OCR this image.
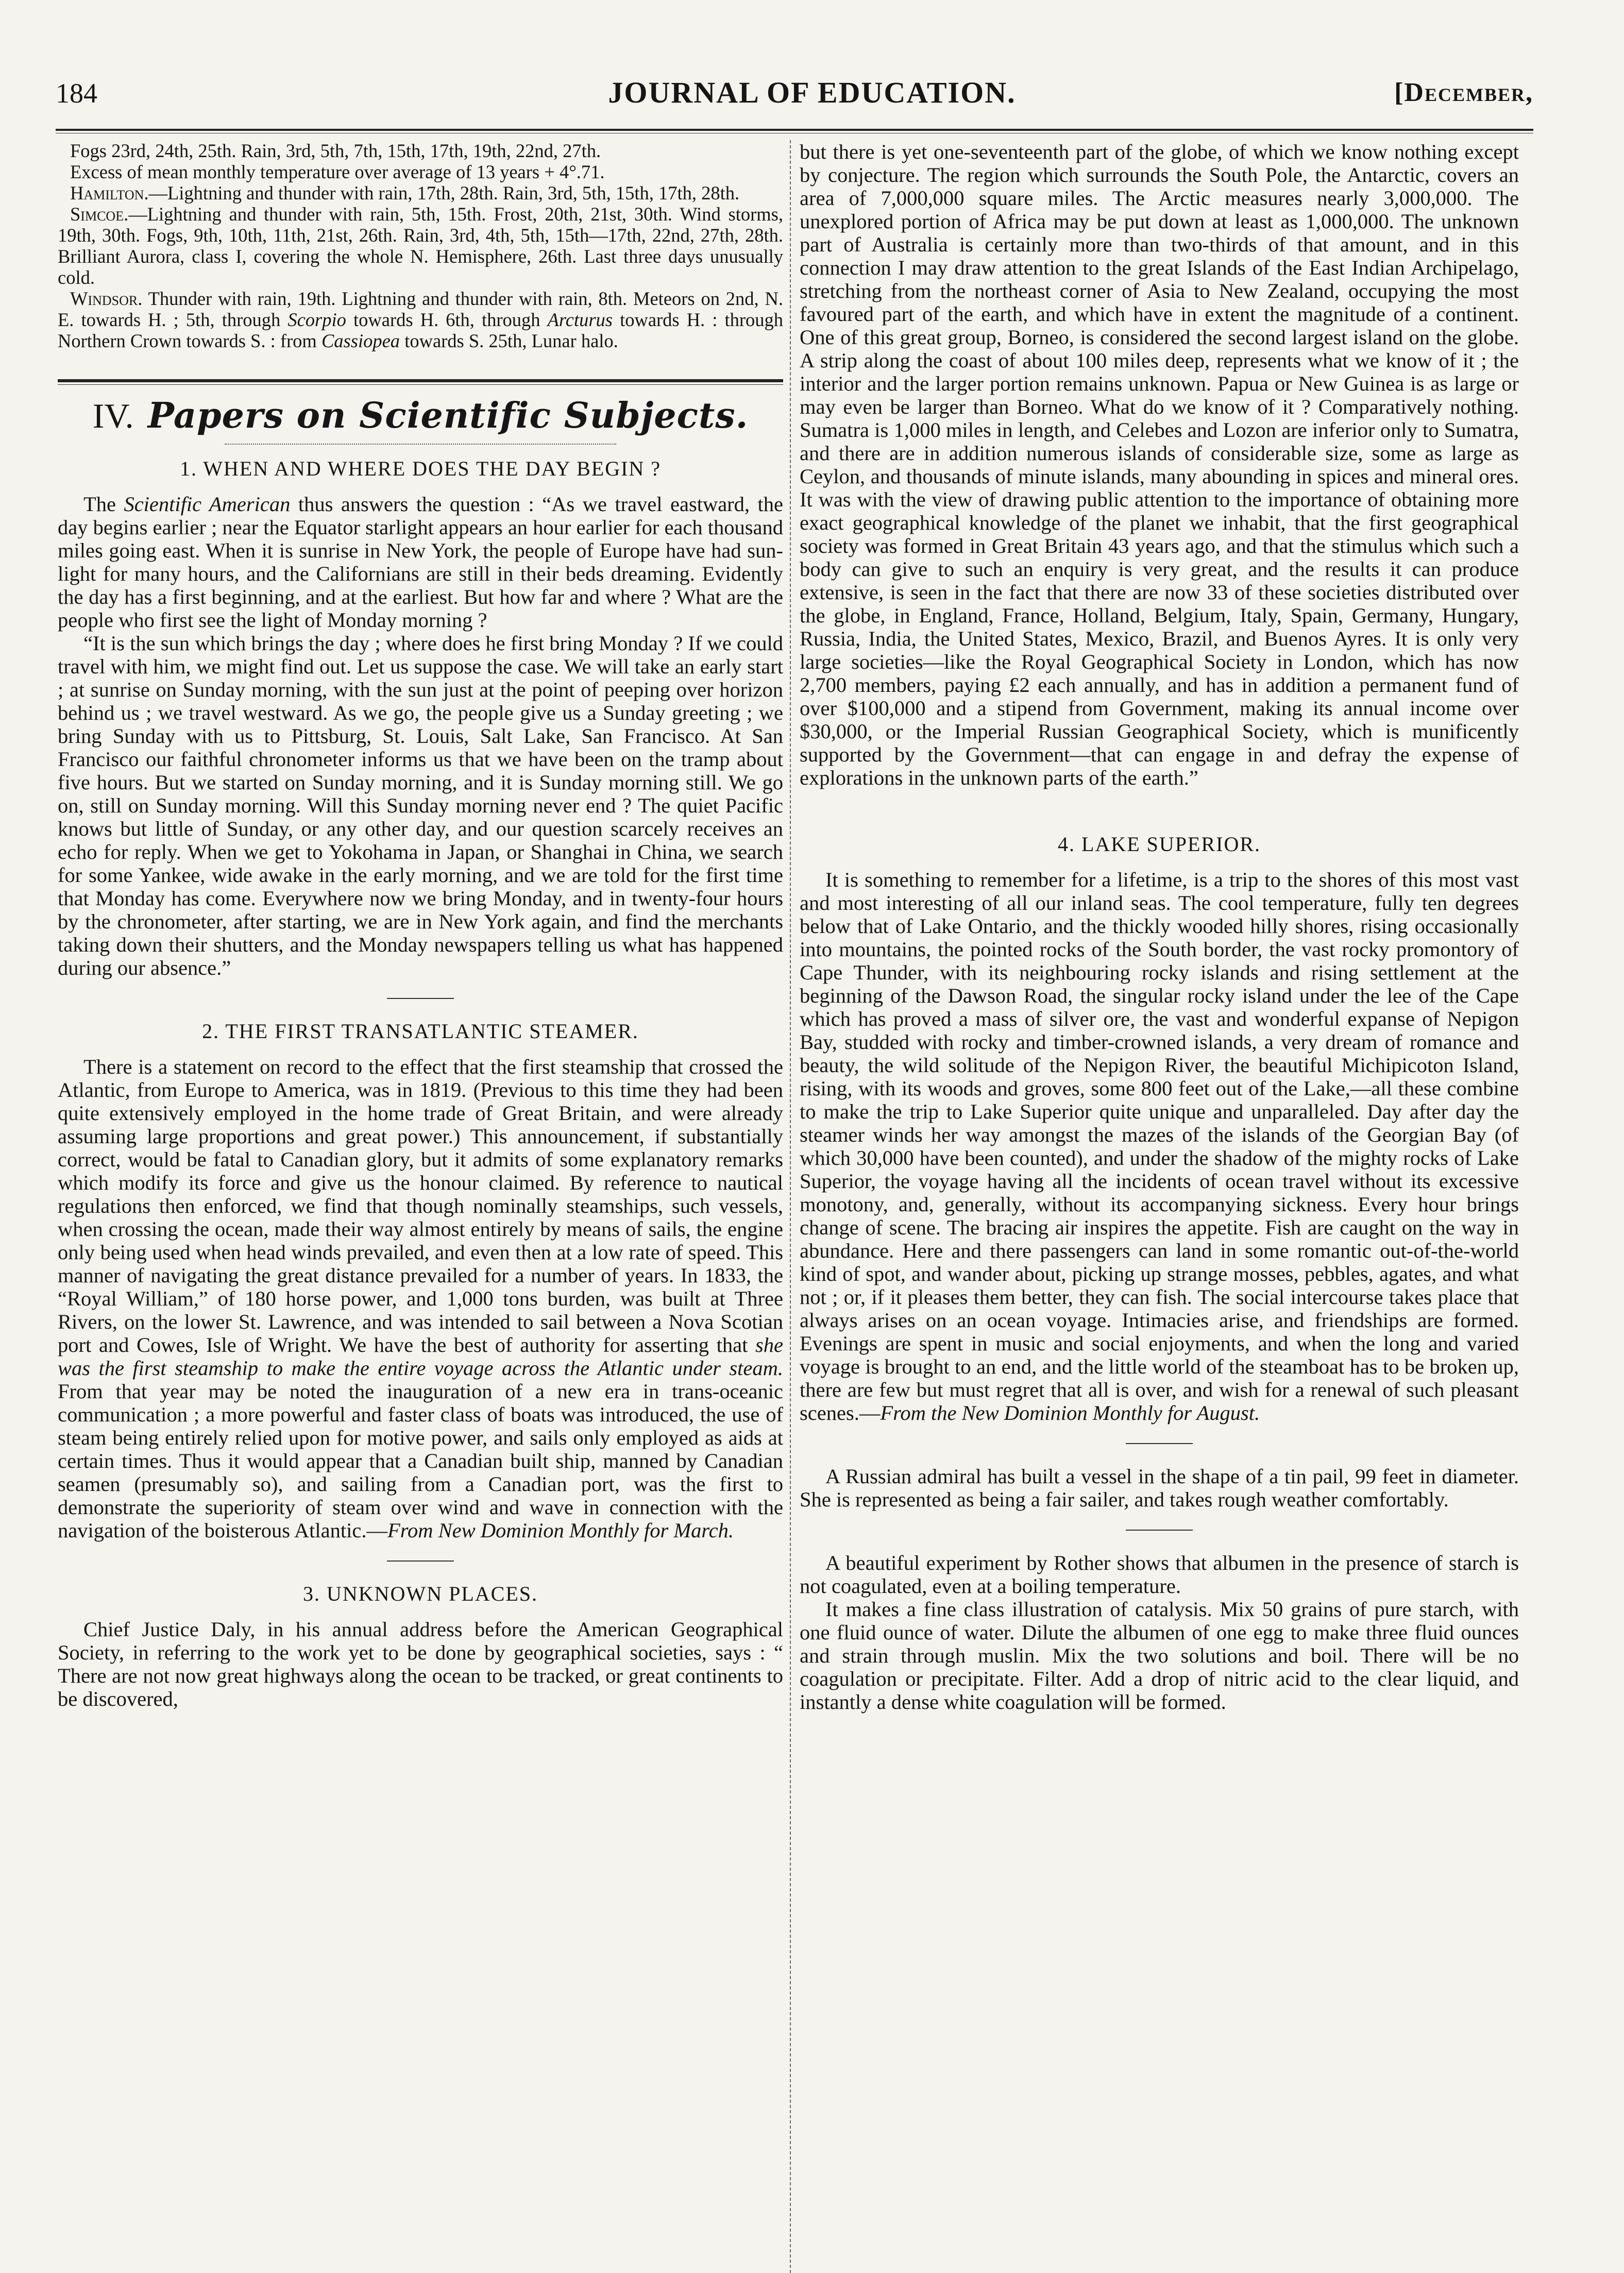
184	JOURNAL OF EDUCATION.	[December,

Fogs 23rd, 24th, 25th. Rain, 3rd, 5th, 7th, 15th, 17th, 19th, 22nd, 27th.

Excess of mean monthly temperature over average of 13 years + 4°.71.

Hamilton.—Lightning and thunder with rain, 17th, 28th. Rain, 3rd, 5th, 15th, 17th, 28th.

Simcoe.—Lightning and thunder with rain, 5th, 15th. Frost, 20th, 21st, 30th. Wind storms, 19th, 30th. Fogs, 9th, 10th, 11th, 21st, 26th. Rain, 3rd, 4th, 5th, 15th—17th, 22nd, 27th, 28th. Brilliant Aurora, class I, covering the whole N. Hemisphere, 26th. Last three days unusually cold.

Windsor. Thunder with rain, 19th. Lightning and thunder with rain, 8th. Meteors on 2nd, N. E. towards H. ; 5th, through Scorpio towards H. 6th, through Arcturus towards H. : through Northern Crown towards S. : from Cassiopea towards S. 25th, Lunar halo.

IV. Papers on Scientific Subjects.
1. WHEN AND WHERE DOES THE DAY BEGIN ?

The Scientific American thus answers the question : “As we travel eastward, the day begins earlier ; near the Equator starlight appears an hour earlier for each thousand miles going east. When it is sunrise in New York, the people of Europe have had sun-light for many hours, and the Californians are still in their beds dreaming. Evidently the day has a first beginning, and at the earliest. But how far and where ? What are the people who first see the light of Monday morning ?

“It is the sun which brings the day ; where does he first bring Monday ? If we could travel with him, we might find out. Let us suppose the case. We will take an early start ; at sunrise on Sunday morning, with the sun just at the point of peeping over horizon behind us ; we travel westward. As we go, the people give us a Sunday greeting ; we bring Sunday with us to Pittsburg, St. Louis, Salt Lake, San Francisco. At San Francisco our faithful chronometer informs us that we have been on the tramp about five hours. But we started on Sunday morning, and it is Sunday morning still. We go on, still on Sunday morning. Will this Sunday morning never end ? The quiet Pacific knows but little of Sunday, or any other day, and our question scarcely receives an echo for reply. When we get to Yokohama in Japan, or Shanghai in China, we search for some Yankee, wide awake in the early morning, and we are told for the first time that Monday has come. Everywhere now we bring Monday, and in twenty-four hours by the chronometer, after starting, we are in New York again, and find the merchants taking down their shutters, and the Monday newspapers telling us what has happened during our absence.”

2. THE FIRST TRANSATLANTIC STEAMER.

There is a statement on record to the effect that the first steamship that crossed the Atlantic, from Europe to America, was in 1819. (Previous to this time they had been quite extensively employed in the home trade of Great Britain, and were already assuming large proportions and great power.) This announcement, if substantially correct, would be fatal to Canadian glory, but it admits of some explanatory remarks which modify its force and give us the honour claimed. By reference to nautical regulations then enforced, we find that though nominally steamships, such vessels, when crossing the ocean, made their way almost entirely by means of sails, the engine only being used when head winds prevailed, and even then at a low rate of speed. This manner of navigating the great distance prevailed for a number of years. In 1833, the “Royal William,” of 180 horse power, and 1,000 tons burden, was built at Three Rivers, on the lower St. Lawrence, and was intended to sail between a Nova Scotian port and Cowes, Isle of Wright. We have the best of authority for asserting that she was the first steamship to make the entire voyage across the Atlantic under steam. From that year may be noted the inauguration of a new era in trans-oceanic communication ; a more powerful and faster class of boats was introduced, the use of steam being entirely relied upon for motive power, and sails only employed as aids at certain times. Thus it would appear that a Canadian built ship, manned by Canadian seamen (presumably so), and sailing from a Canadian port, was the first to demonstrate the superiority of steam over wind and wave in connection with the navigation of the boisterous Atlantic.—From New Dominion Monthly for March.

3. UNKNOWN PLACES.

Chief Justice Daly, in his annual address before the American Geographical Society, in referring to the work yet to be done by geographical societies, says : “ There are not now great highways along the ocean to be tracked, or great continents to be discovered,

but there is yet one-seventeenth part of the globe, of which we know nothing except by conjecture. The region which surrounds the South Pole, the Antarctic, covers an area of 7,000,000 square miles. The Arctic measures nearly 3,000,000. The unexplored portion of Africa may be put down at least as 1,000,000. The unknown part of Australia is certainly more than two-thirds of that amount, and in this connection I may draw attention to the great Islands of the East Indian Archipelago, stretching from the northeast corner of Asia to New Zealand, occupying the most favoured part of the earth, and which have in extent the magnitude of a continent. One of this great group, Borneo, is considered the second largest island on the globe. A strip along the coast of about 100 miles deep, represents what we know of it ; the interior and the larger portion remains unknown. Papua or New Guinea is as large or may even be larger than Borneo. What do we know of it ? Comparatively nothing. Sumatra is 1,000 miles in length, and Celebes and Lozon are inferior only to Sumatra, and there are in addition numerous islands of considerable size, some as large as Ceylon, and thousands of minute islands, many abounding in spices and mineral ores. It was with the view of drawing public attention to the importance of obtaining more exact geographical knowledge of the planet we inhabit, that the first geographical society was formed in Great Britain 43 years ago, and that the stimulus which such a body can give to such an enquiry is very great, and the results it can produce extensive, is seen in the fact that there are now 33 of these societies distributed over the globe, in England, France, Holland, Belgium, Italy, Spain, Germany, Hungary, Russia, India, the United States, Mexico, Brazil, and Buenos Ayres. It is only very large societies—like the Royal Geographical Society in London, which has now 2,700 members, paying £2 each annually, and has in addition a permanent fund of over $100,000 and a stipend from Government, making its annual income over $30,000, or the Imperial Russian Geographical Society, which is munificently supported by the Government—that can engage in and defray the expense of explorations in the unknown parts of the earth.”

4. LAKE SUPERIOR.

It is something to remember for a lifetime, is a trip to the shores of this most vast and most interesting of all our inland seas. The cool temperature, fully ten degrees below that of Lake Ontario, and the thickly wooded hilly shores, rising occasionally into mountains, the pointed rocks of the South border, the vast rocky promontory of Cape Thunder, with its neighbouring rocky islands and rising settlement at the beginning of the Dawson Road, the singular rocky island under the lee of the Cape which has proved a mass of silver ore, the vast and wonderful expanse of Nepigon Bay, studded with rocky and timber-crowned islands, a very dream of romance and beauty, the wild solitude of the Nepigon River, the beautiful Michipicoton Island, rising, with its woods and groves, some 800 feet out of the Lake,—all these combine to make the trip to Lake Superior quite unique and unparalleled. Day after day the steamer winds her way amongst the mazes of the islands of the Georgian Bay (of which 30,000 have been counted), and under the shadow of the mighty rocks of Lake Superior, the voyage having all the incidents of ocean travel without its excessive monotony, and, generally, without its accompanying sickness. Every hour brings change of scene. The bracing air inspires the appetite. Fish are caught on the way in abundance. Here and there passengers can land in some romantic out-of-the-world kind of spot, and wander about, picking up strange mosses, pebbles, agates, and what not ; or, if it pleases them better, they can fish. The social intercourse takes place that always arises on an ocean voyage. Intimacies arise, and friendships are formed. Evenings are spent in music and social enjoyments, and when the long and varied voyage is brought to an end, and the little world of the steamboat has to be broken up, there are few but must regret that all is over, and wish for a renewal of such pleasant scenes.—From the New Dominion Monthly for August.

A Russian admiral has built a vessel in the shape of a tin pail, 99 feet in diameter. She is represented as being a fair sailer, and takes rough weather comfortably.

A beautiful experiment by Rother shows that albumen in the presence of starch is not coagulated, even at a boiling temperature.

It makes a fine class illustration of catalysis. Mix 50 grains of pure starch, with one fluid ounce of water. Dilute the albumen of one egg to make three fluid ounces and strain through muslin. Mix the two solutions and boil. There will be no coagulation or precipitate. Filter. Add a drop of nitric acid to the clear liquid, and instantly a dense white coagulation will be formed.
